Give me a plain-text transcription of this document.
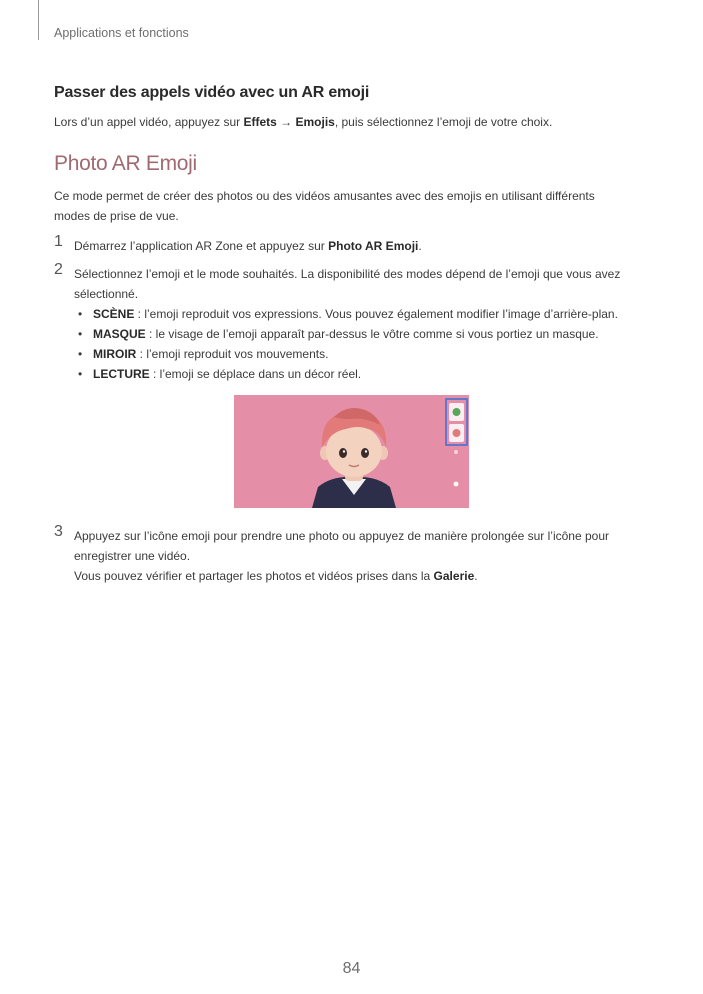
Applications et fonctions
Passer des appels vidéo avec un AR emoji
Lors d’un appel vidéo, appuyez sur Effets → Emojis, puis sélectionnez l’emoji de votre choix.
Photo AR Emoji
Ce mode permet de créer des photos ou des vidéos amusantes avec des emojis en utilisant différents
modes de prise de vue.
1 Démarrez l’application AR Zone et appuyez sur Photo AR Emoji.
2 Sélectionnez l’emoji et le mode souhaités. La disponibilité des modes dépend de l’emoji que vous avez
sélectionné.
• SCÈNE : l’emoji reproduit vos expressions. Vous pouvez également modifier l’image d’arrière-plan.
• MASQUE : le visage de l’emoji apparaît par-dessus le vôtre comme si vous portiez un masque.
• MIROIR : l’emoji reproduit vos mouvements.
• LECTURE : l’emoji se déplace dans un décor réel.
3 Appuyez sur l’icône emoji pour prendre une photo ou appuyez de manière prolongée sur l’icône pour
enregistrer une vidéo.
Vous pouvez vérifier et partager les photos et vidéos prises dans la Galerie.
84
